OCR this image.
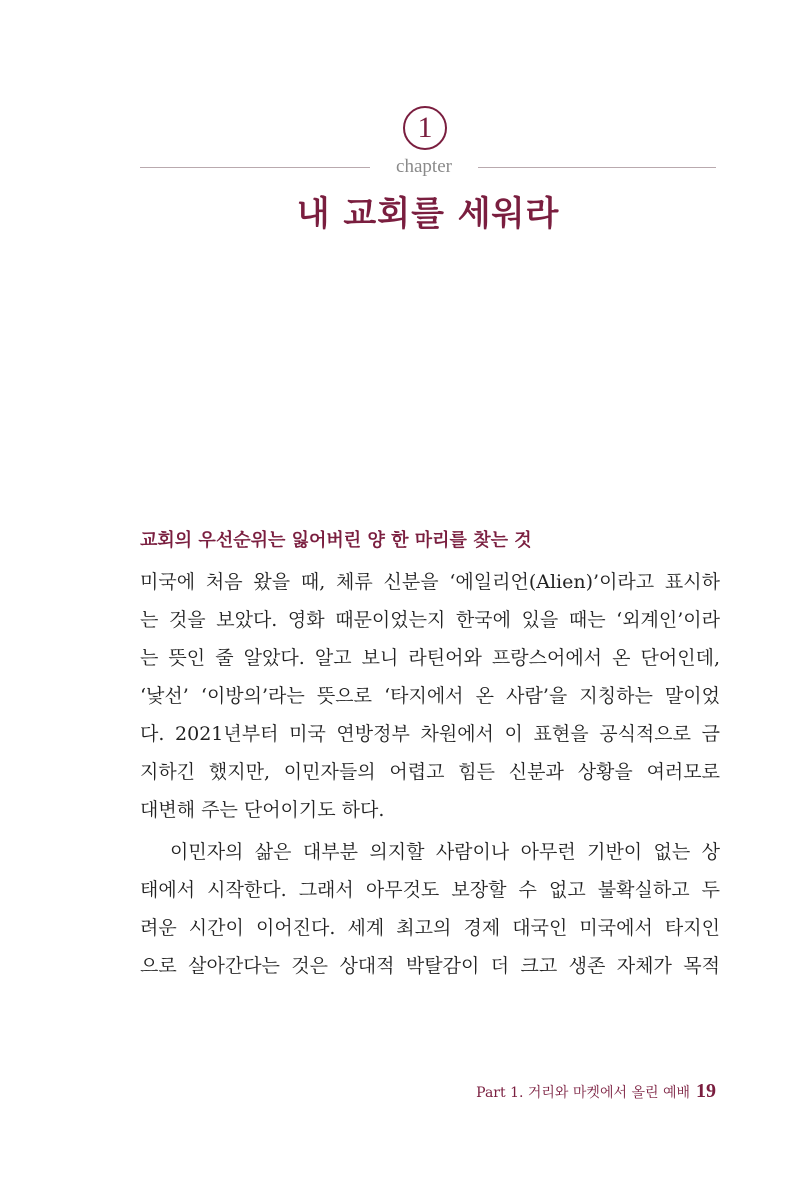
1
chapter
내 교회를 세워라
교회의 우선순위는 잃어버린 양 한 마리를 찾는 것
미국에 처음 왔을 때, 체류 신분을 ‘에일리언(Alien)’이라고 표시하
는 것을 보았다. 영화 때문이었는지 한국에 있을 때는 ‘외계인’이라
는 뜻인 줄 알았다. 알고 보니 라틴어와 프랑스어에서 온 단어인데,
‘낯선’ ‘이방의’라는 뜻으로 ‘타지에서 온 사람’을 지칭하는 말이었
다. 2021년부터 미국 연방정부 차원에서 이 표현을 공식적으로 금
지하긴 했지만, 이민자들의 어렵고 힘든 신분과 상황을 여러모로
대변해 주는 단어이기도 하다.
이민자의 삶은 대부분 의지할 사람이나 아무런 기반이 없는 상
태에서 시작한다. 그래서 아무것도 보장할 수 없고 불확실하고 두
려운 시간이 이어진다. 세계 최고의 경제 대국인 미국에서 타지인
으로 살아간다는 것은 상대적 박탈감이 더 크고 생존 자체가 목적
Part 1. 거리와 마켓에서 올린 예배 19
